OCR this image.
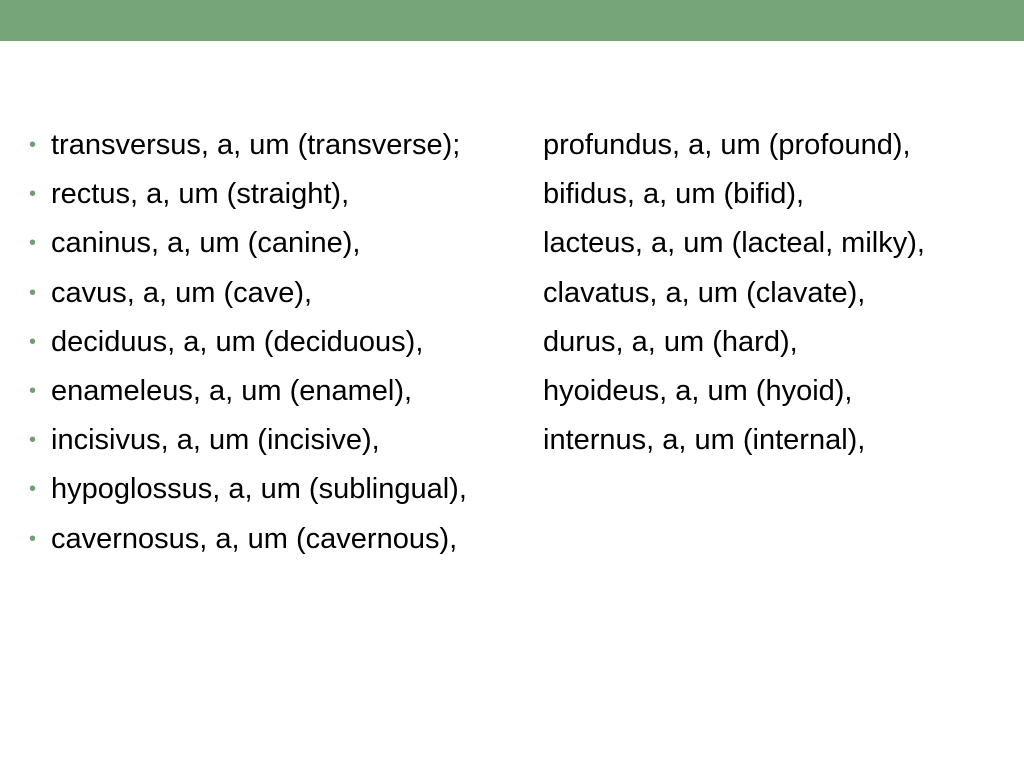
• transversus, a, um (transverse);	profundus, a, um (profound),
• rectus, a, um (straight),	bifidus, a, um (bifid),
• caninus, a, um (canine),	lacteus, a, um (lacteal, milky),
• cavus, a, um (cave),	clavatus, a, um (clavate),
• deciduus, a, um (deciduous),	durus, a, um (hard),
• enameleus, a, um (enamel),	hyoideus, a, um (hyoid),
• incisivus, a, um (incisive),	internus, a, um (internal),
• hypoglossus, a, um (sublingual),
• cavernosus, a, um (cavernous),
